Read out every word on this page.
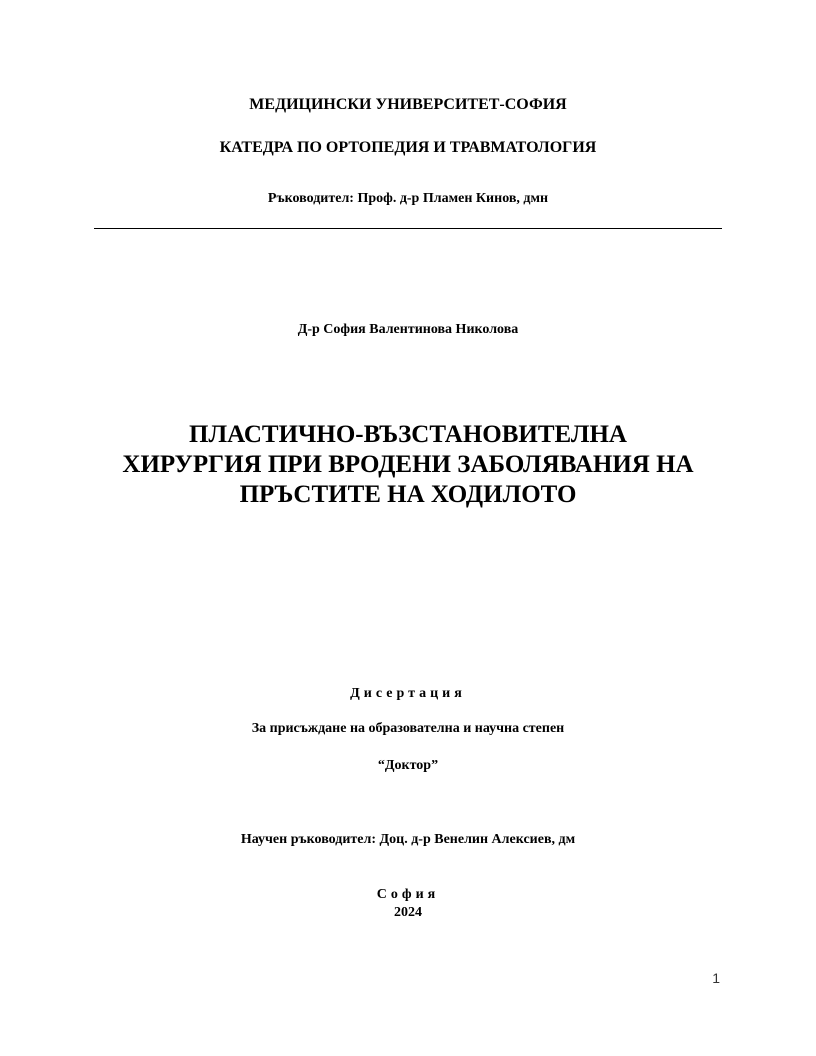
МЕДИЦИНСКИ УНИВЕРСИТЕТ-СОФИЯ
КАТЕДРА ПО ОРТОПЕДИЯ И ТРАВМАТОЛОГИЯ
Ръководител: Проф. д-р Пламен Кинов, дмн
Д-р София Валентинова Николова
ПЛАСТИЧНО-ВЪЗСТАНОВИТЕЛНА
ХИРУРГИЯ ПРИ ВРОДЕНИ ЗАБОЛЯВАНИЯ НА
ПРЪСТИТЕ НА ХОДИЛОТО
Дисертация
За присъждане на образователна и научна степен
“Доктор”
Научен ръководител: Доц. д-р Венелин Алексиев, дм
София
2024
1
